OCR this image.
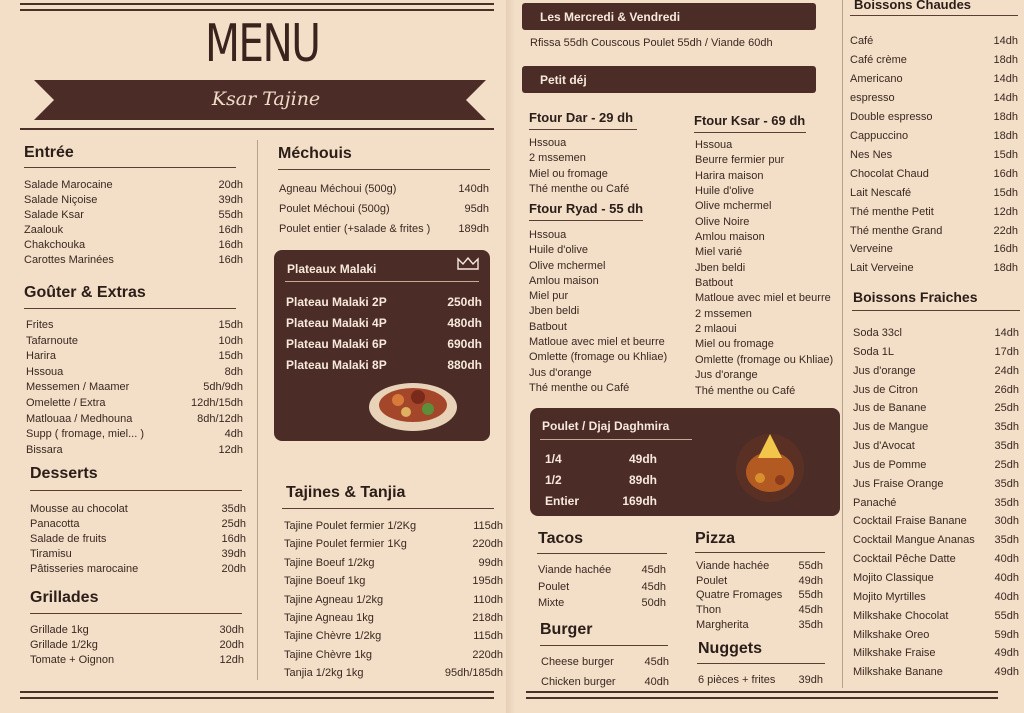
MENU
Ksar Tajine
Entrée
Salade Marocaine	20dh
Salade Niçoise	39dh
Salade Ksar	55dh
Zaalouk	16dh
Chakchouka	16dh
Carottes Marinées	16dh
Goûter & Extras
Frites	15dh
Tafarnoute	10dh
Harira	15dh
Hssoua	8dh
Messemen / Maamer	5dh/9dh
Omelette / Extra	12dh/15dh
Matlouaa / Medhouna	8dh/12dh
Supp ( fromage, miel... )	4dh
Bissara	12dh
Desserts
Mousse au chocolat	35dh
Panacotta	25dh
Salade de fruits	16dh
Tiramisu	39dh
Pâtisseries marocaine	20dh
Grillades
Grillade 1kg	30dh
Grillade 1/2kg	20dh
Tomate + Oignon	12dh
Méchouis
Agneau Méchoui (500g)	140dh
Poulet Méchoui (500g)	95dh
Poulet entier (+salade & frites )	189dh
Plateaux Malaki
Plateau Malaki 2P	250dh
Plateau Malaki 4P	480dh
Plateau Malaki 6P	690dh
Plateau Malaki 8P	880dh
Tajines & Tanjia
Tajine Poulet fermier 1/2Kg	115dh
Tajine Poulet fermier 1Kg	220dh
Tajine Boeuf 1/2kg	99dh
Tajine Boeuf 1kg	195dh
Tajine Agneau 1/2kg	110dh
Tajine Agneau 1kg	218dh
Tajine Chèvre 1/2kg	115dh
Tajine Chèvre 1kg	220dh
Tanjia 1/2kg 1kg	95dh/185dh
Les Mercredi & Vendredi
Rfissa 55dh Couscous Poulet 55dh / Viande 60dh
Petit déj
Ftour Dar - 29 dh
Hssoua
2 mssemen
Miel ou fromage
Thé menthe ou Café
Ftour Ryad - 55 dh
Hssoua
Huile d'olive
Olive mchermel
Amlou maison
Miel pur
Jben beldi
Batbout
Matloue avec miel et beurre
Omlette (fromage ou Khliae)
Jus d'orange
Thé menthe ou Café
Ftour Ksar - 69 dh
Hssoua
Beurre fermier pur
Harira maison
Huile d'olive
Olive mchermel
Olive Noire
Amlou maison
Miel varié
Jben beldi
Batbout
Matloue avec miel et beurre
2 mssemen
2 mlaoui
Miel ou fromage
Omlette (fromage ou Khliae)
Jus d'orange
Thé menthe ou Café
Poulet / Djaj Daghmira
1/4	49dh
1/2	89dh
Entier	169dh
Tacos
Viande hachée	45dh
Poulet	45dh
Mixte	50dh
Burger
Cheese burger	45dh
Chicken burger	40dh
Pizza
Viande hachée	55dh
Poulet	49dh
Quatre Fromages 55dh
Thon	45dh
Margherita	35dh
Nuggets
6 pièces + frites 39dh
Boissons Chaudes
Café	14dh
Café crème	18dh
Americano	14dh
espresso	14dh
Double espresso	18dh
Cappuccino	18dh
Nes Nes	15dh
Chocolat Chaud	16dh
Lait Nescafé	15dh
Thé menthe Petit	12dh
Thé menthe Grand	22dh
Verveine	16dh
Lait Verveine	18dh
Boissons Fraiches
Soda 33cl	14dh
Soda 1L	17dh
Jus d'orange	24dh
Jus de Citron	26dh
Jus de Banane	25dh
Jus de Mangue	35dh
Jus d'Avocat	35dh
Jus de Pomme	25dh
Jus Fraise Orange	35dh
Panaché	35dh
Cocktail Fraise Banane	30dh
Cocktail Mangue Ananas 35dh
Cocktail Pêche Datte	40dh
Mojito Classique	40dh
Mojito Myrtilles	40dh
Milkshake Chocolat	55dh
Milkshake Oreo	59dh
Milkshake Fraise	49dh
Milkshake Banane	49dh
